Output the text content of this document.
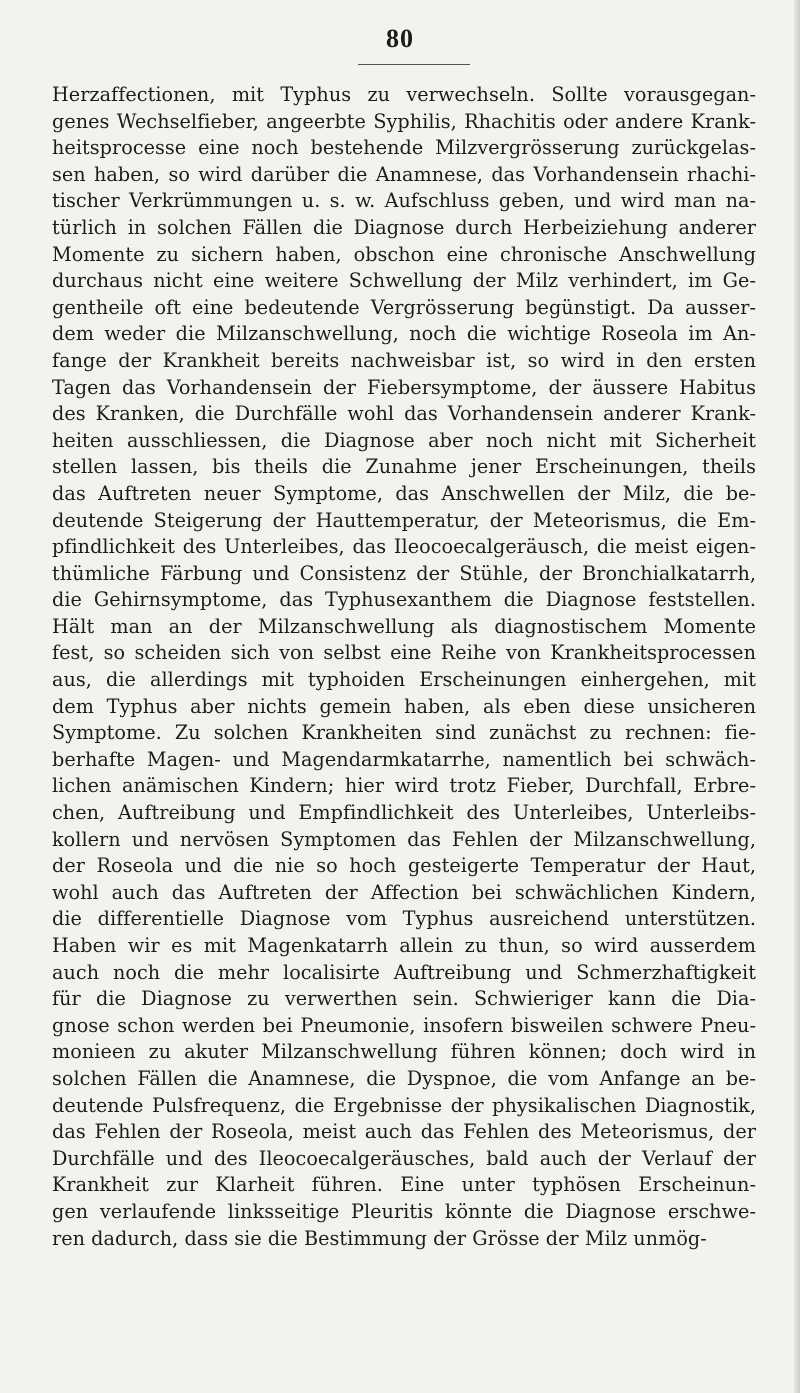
80
Herzaffectionen, mit Typhus zu verwechseln. Sollte vorausgegan-
genes Wechselfieber, angeerbte Syphilis, Rhachitis oder andere Krank-
heitsprocesse eine noch bestehende Milzvergrösserung zurückgelas-
sen haben, so wird darüber die Anamnese, das Vorhandensein rhachi-
tischer Verkrümmungen u. s. w. Aufschluss geben, und wird man na-
türlich in solchen Fällen die Diagnose durch Herbeiziehung anderer
Momente zu sichern haben, obschon eine chronische Anschwellung
durchaus nicht eine weitere Schwellung der Milz verhindert, im Ge-
gentheile oft eine bedeutende Vergrösserung begünstigt. Da ausser-
dem weder die Milzanschwellung, noch die wichtige Roseola im An-
fange der Krankheit bereits nachweisbar ist, so wird in den ersten
Tagen das Vorhandensein der Fiebersymptome, der äussere Habitus
des Kranken, die Durchfälle wohl das Vorhandensein anderer Krank-
heiten ausschliessen, die Diagnose aber noch nicht mit Sicherheit
stellen lassen, bis theils die Zunahme jener Erscheinungen, theils
das Auftreten neuer Symptome, das Anschwellen der Milz, die be-
deutende Steigerung der Hauttemperatur, der Meteorismus, die Em-
pfindlichkeit des Unterleibes, das Ileocoecalgeräusch, die meist eigen-
thümliche Färbung und Consistenz der Stühle, der Bronchialkatarrh,
die Gehirnsymptome, das Typhusexanthem die Diagnose feststellen.
Hält man an der Milzanschwellung als diagnostischem Momente
fest, so scheiden sich von selbst eine Reihe von Krankheitsprocessen
aus, die allerdings mit typhoiden Erscheinungen einhergehen, mit
dem Typhus aber nichts gemein haben, als eben diese unsicheren
Symptome. Zu solchen Krankheiten sind zunächst zu rechnen: fie-
berhafte Magen- und Magendarmkatarrhe, namentlich bei schwäch-
lichen anämischen Kindern; hier wird trotz Fieber, Durchfall, Erbre-
chen, Auftreibung und Empfindlichkeit des Unterleibes, Unterleibs-
kollern und nervösen Symptomen das Fehlen der Milzanschwellung,
der Roseola und die nie so hoch gesteigerte Temperatur der Haut,
wohl auch das Auftreten der Affection bei schwächlichen Kindern,
die differentielle Diagnose vom Typhus ausreichend unterstützen.
Haben wir es mit Magenkatarrh allein zu thun, so wird ausserdem
auch noch die mehr localisirte Auftreibung und Schmerzhaftigkeit
für die Diagnose zu verwerthen sein. Schwieriger kann die Dia-
gnose schon werden bei Pneumonie, insofern bisweilen schwere Pneu-
monieen zu akuter Milzanschwellung führen können; doch wird in
solchen Fällen die Anamnese, die Dyspnoe, die vom Anfange an be-
deutende Pulsfrequenz, die Ergebnisse der physikalischen Diagnostik,
das Fehlen der Roseola, meist auch das Fehlen des Meteorismus, der
Durchfälle und des Ileocoecalgeräusches, bald auch der Verlauf der
Krankheit zur Klarheit führen. Eine unter typhösen Erscheinun-
gen verlaufende linksseitige Pleuritis könnte die Diagnose erschwe-
ren dadurch, dass sie die Bestimmung der Grösse der Milz unmög-
